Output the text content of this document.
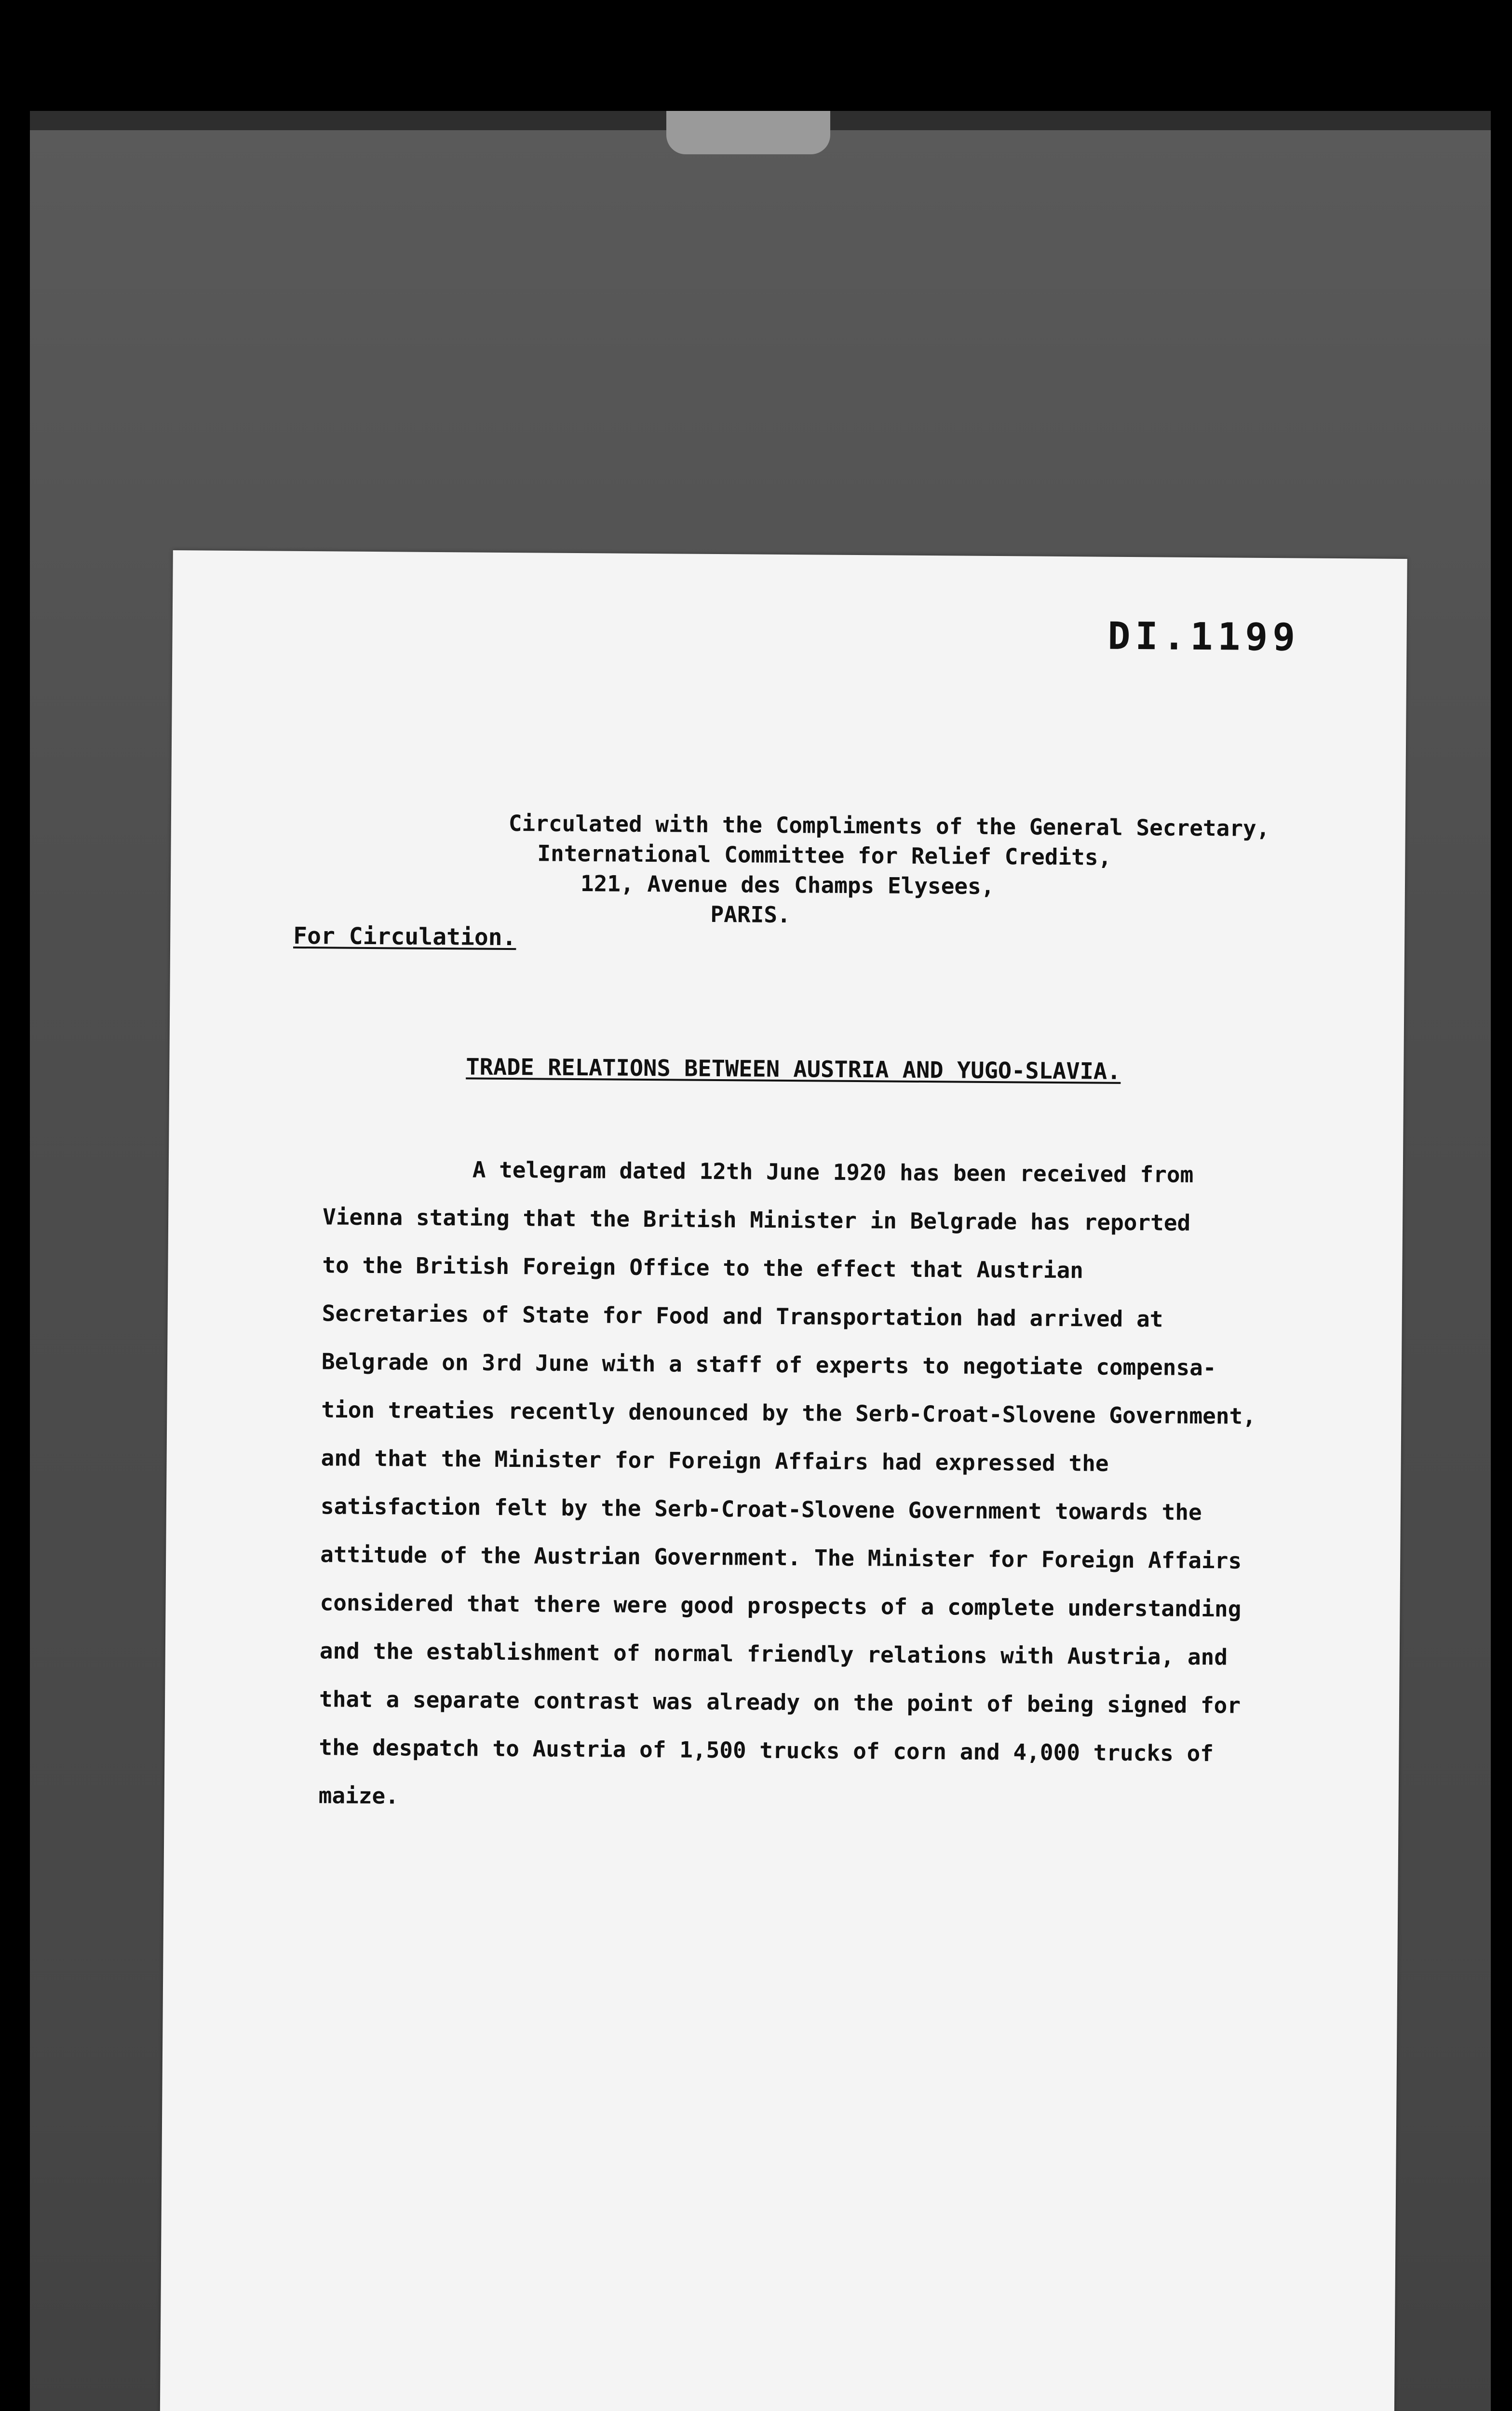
DI.1199
Circulated with the Compliments of the General Secretary,
International Committee for Relief Credits,
121, Avenue des Champs Elysees,
PARIS.
For Circulation.
TRADE RELATIONS BETWEEN AUSTRIA AND YUGO-SLAVIA.
A telegram dated 12th June 1920 has been received from
Vienna stating that the British Minister in Belgrade has reported
to the British Foreign Office to the effect that Austrian
Secretaries of State for Food and Transportation had arrived at
Belgrade on 3rd June with a staff of experts to negotiate compensa-
tion treaties recently denounced by the Serb-Croat-Slovene Government,
and that the Minister for Foreign Affairs had expressed the
satisfaction felt by the Serb-Croat-Slovene Government towards the
attitude of the Austrian Government. The Minister for Foreign Affairs
considered that there were good prospects of a complete understanding
and the establishment of normal friendly relations with Austria, and
that a separate contrast was already on the point of being signed for
the despatch to Austria of 1,500 trucks of corn and 4,000 trucks of
maize.
